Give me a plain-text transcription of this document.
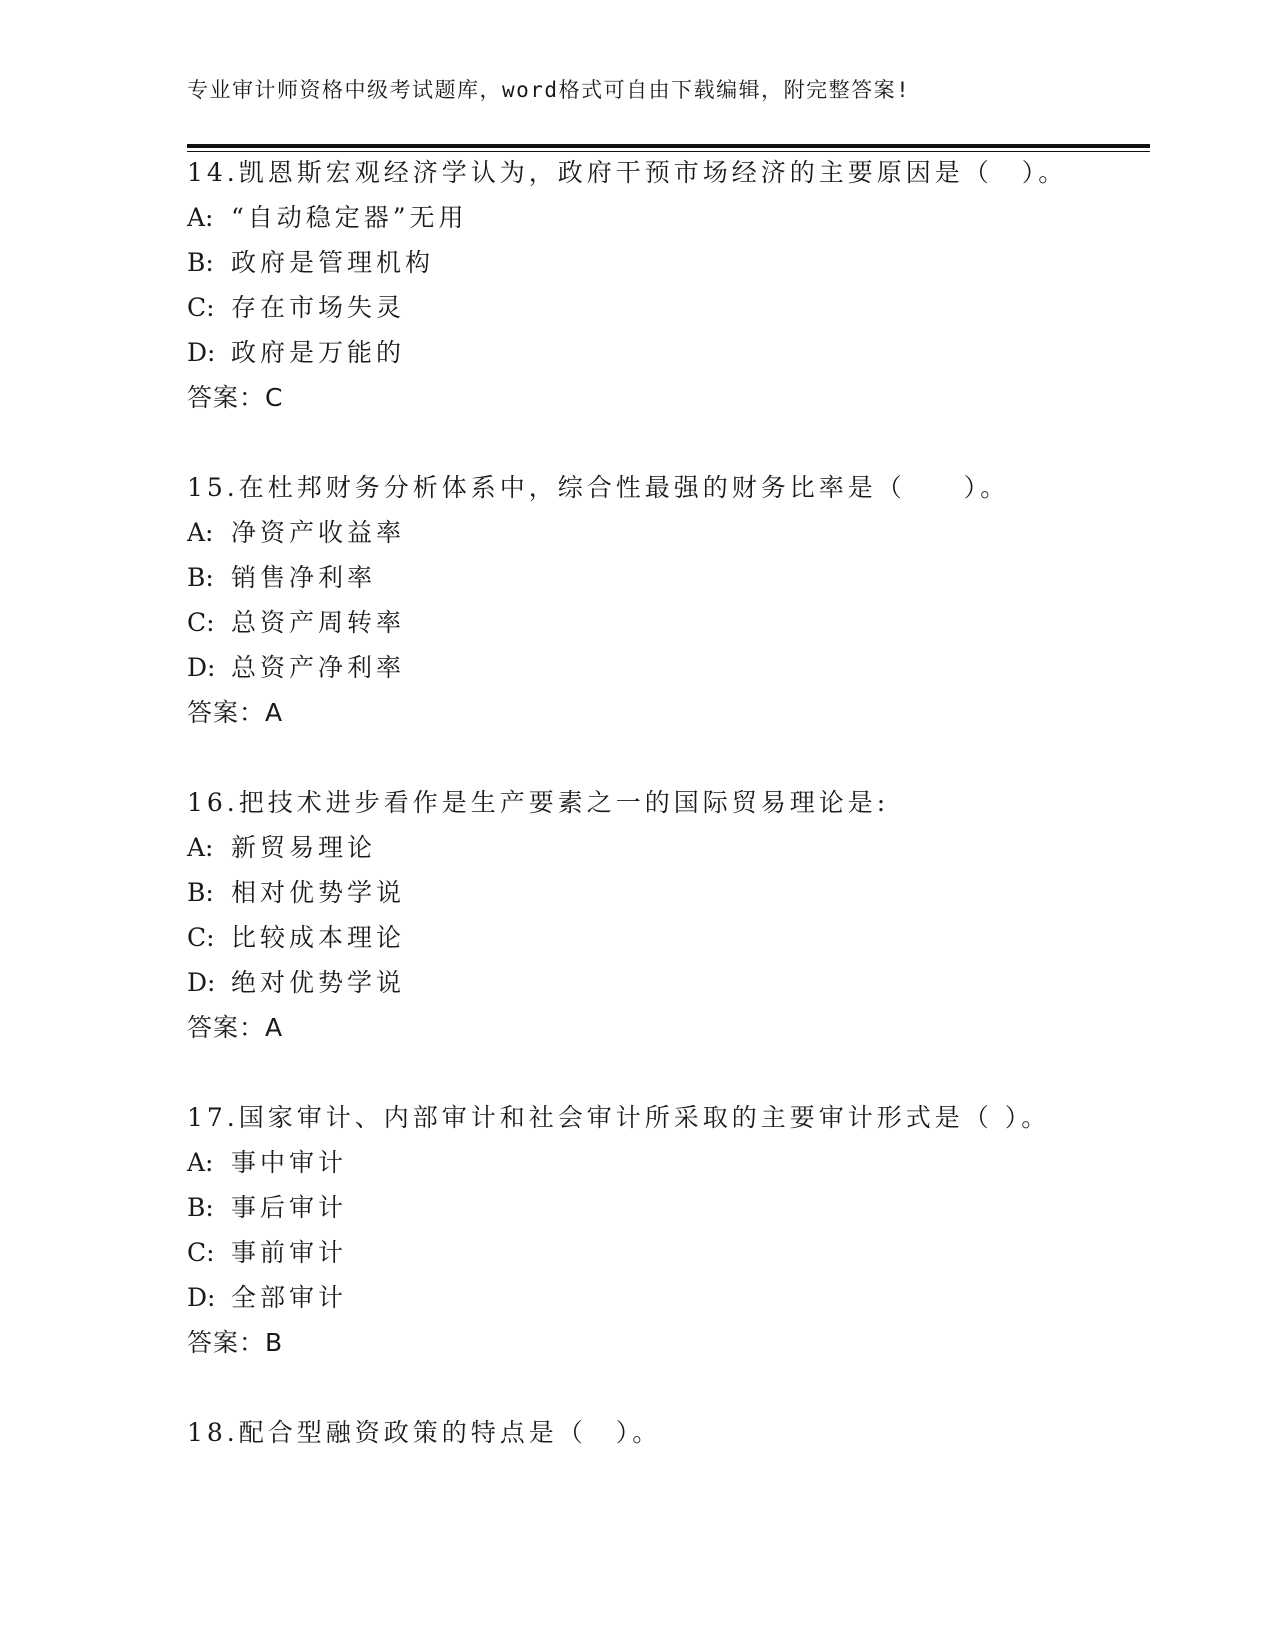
专业审计师资格中级考试题库，word格式可自由下载编辑，附完整答案!
14.凯恩斯宏观经济学认为，政府干预市场经济的主要原因是（　）。
A: “自动稳定器”无用
B: 政府是管理机构
C: 存在市场失灵
D: 政府是万能的
答案：C
15.在杜邦财务分析体系中，综合性最强的财务比率是（　　）。
A: 净资产收益率
B: 销售净利率
C: 总资产周转率
D: 总资产净利率
答案：A
16.把技术进步看作是生产要素之一的国际贸易理论是:
A: 新贸易理论
B: 相对优势学说
C: 比较成本理论
D: 绝对优势学说
答案：A
17.国家审计、内部审计和社会审计所采取的主要审计形式是（ ）。
A: 事中审计
B: 事后审计
C: 事前审计
D: 全部审计
答案：B
18.配合型融资政策的特点是（　）。
